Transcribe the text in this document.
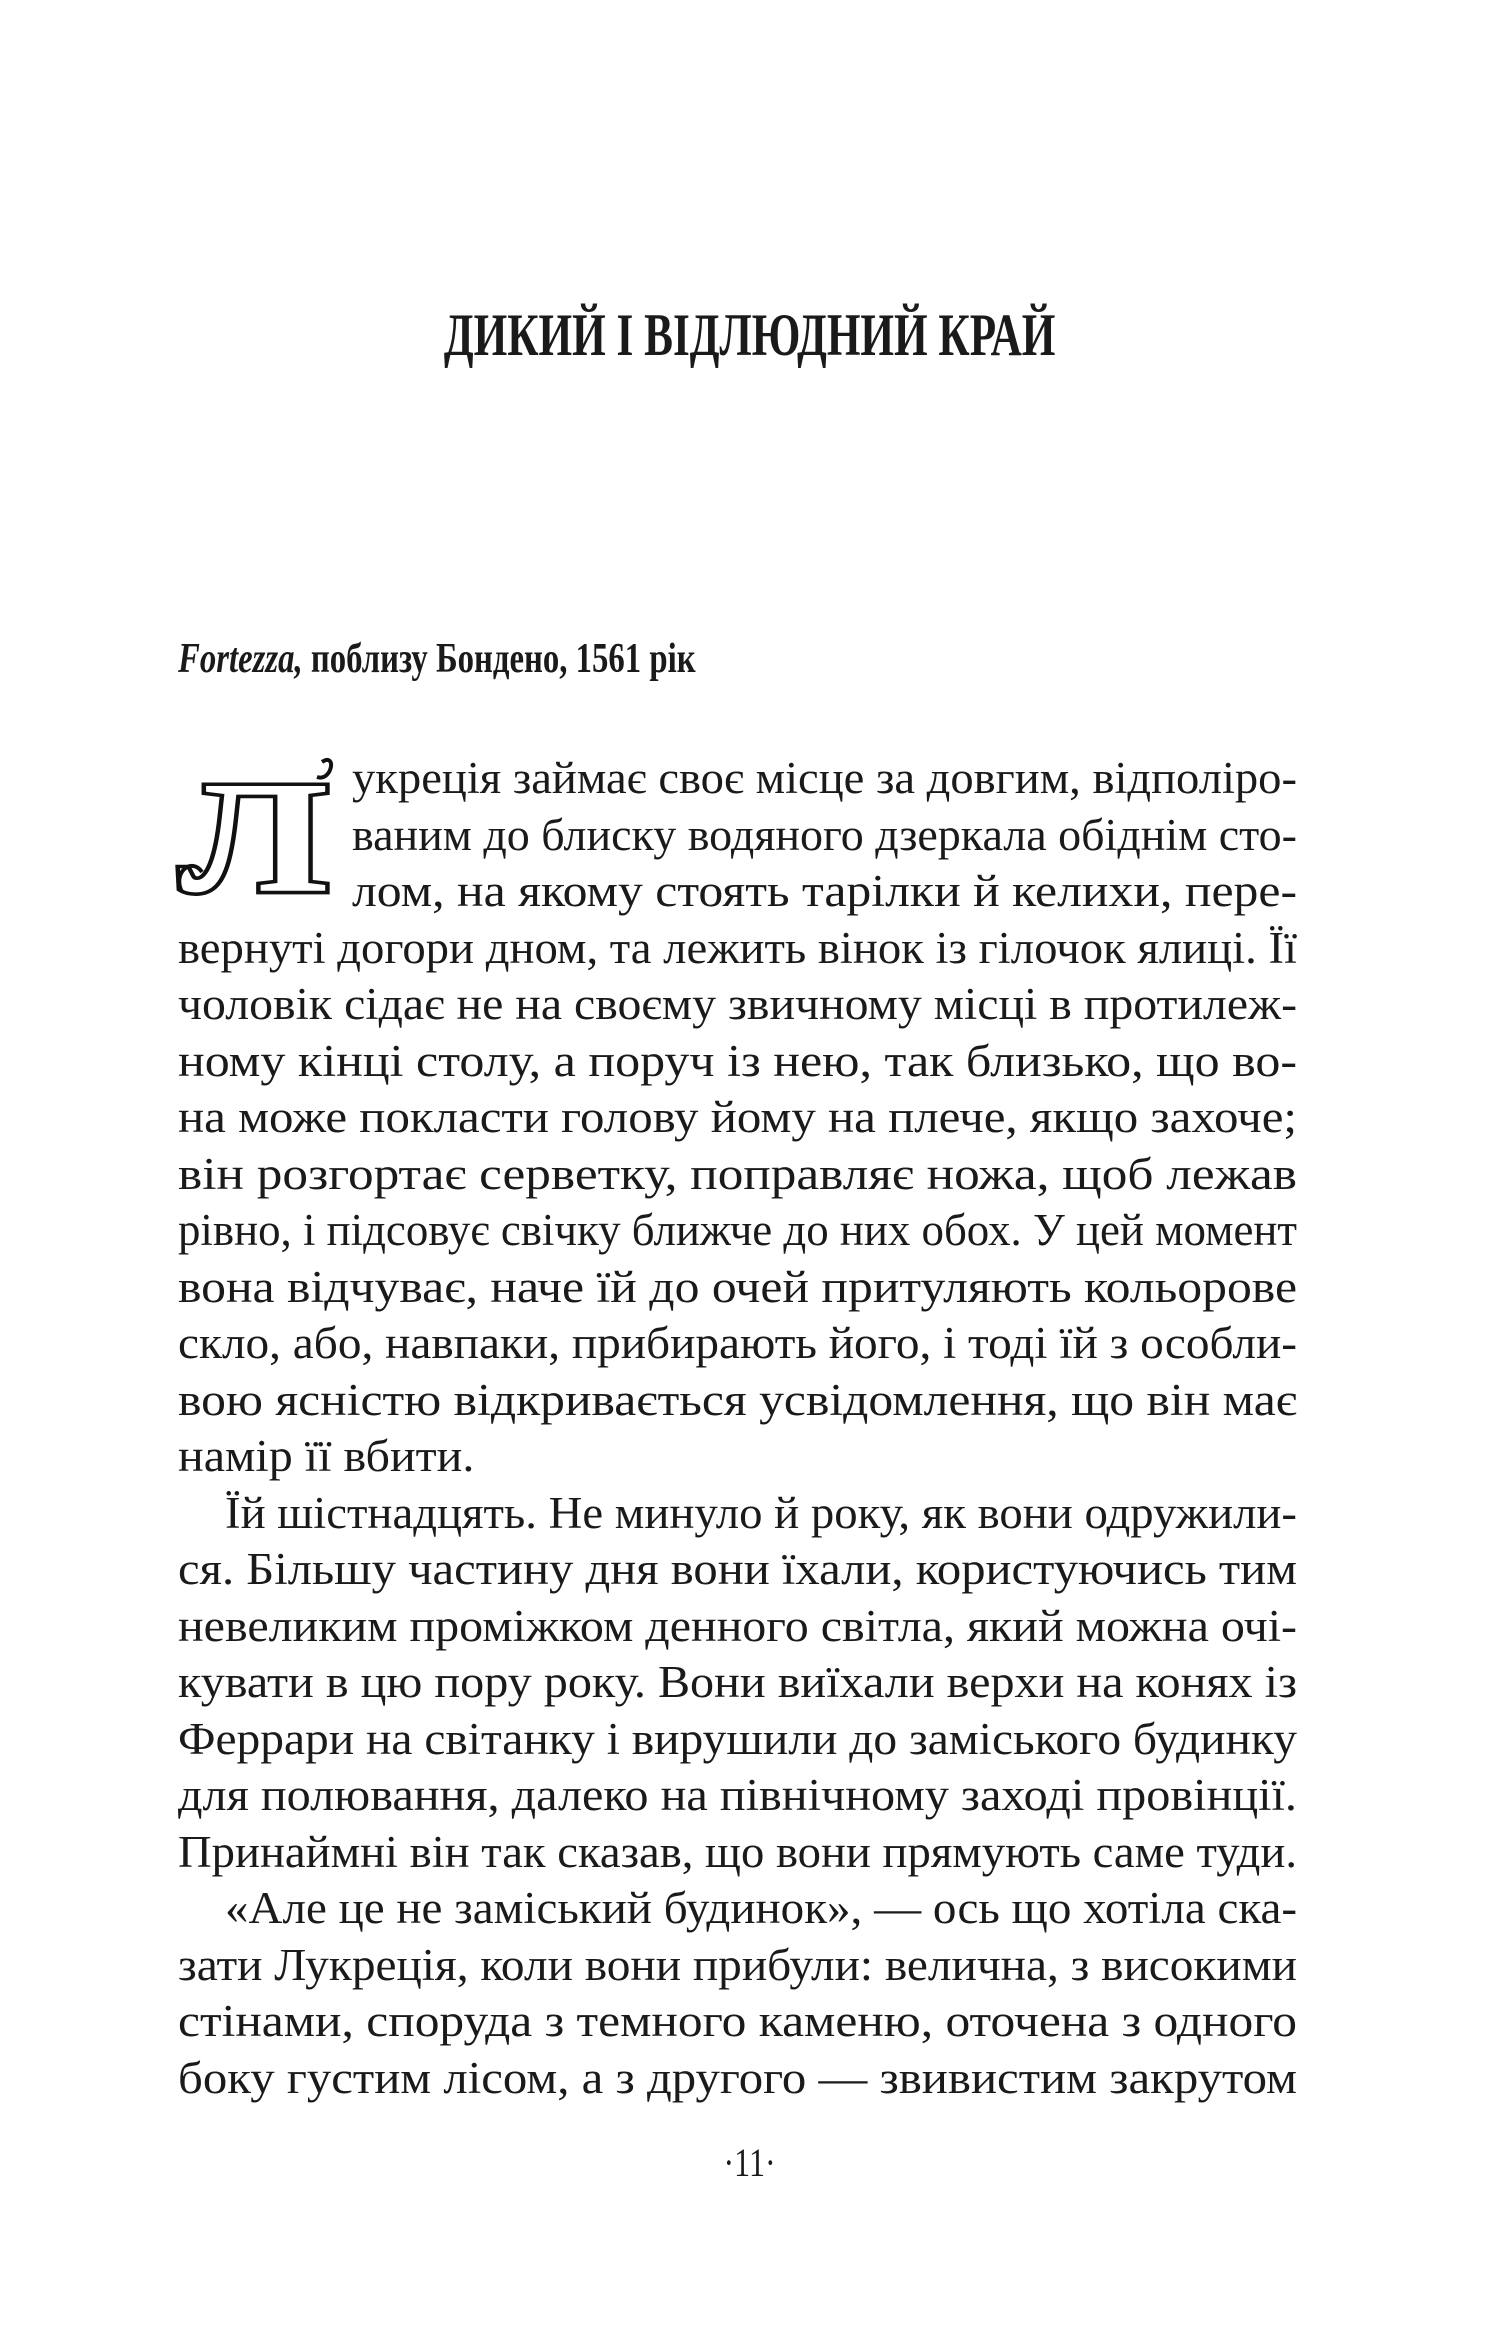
ДИКИЙ І ВІДЛЮДНИЙ КРАЙ
Fortezza, поблизу Бондено, 1561 рік
Л укреція займає своє місце за довгим, відполіро-
ваним до блиску водяного дзеркала обіднім сто-
лом, на якому стоять тарілки й келихи, пере-
вернуті догори дном, та лежить вінок із гілочок ялиці. Її
чоловік сідає не на своєму звичному місці в протилеж-
ному кінці столу, а поруч із нею, так близько, що во-
на може покласти голову йому на плече, якщо захоче;
він розгортає серветку, поправляє ножа, щоб лежав
рівно, і підсовує свічку ближче до них обох. У цей момент
вона відчуває, наче їй до очей притуляють кольорове
скло, або, навпаки, прибирають його, і тоді їй з особли-
вою ясністю відкривається усвідомлення, що він має
намір її вбити.
Їй шістнадцять. Не минуло й року, як вони одружили-
ся. Більшу частину дня вони їхали, користуючись тим
невеликим проміжком денного світла, який можна очі-
кувати в цю пору року. Вони виїхали верхи на конях із
Феррари на світанку і вирушили до заміського будинку
для полювання, далеко на північному заході провінції.
Принаймні він так сказав, що вони прямують саме туди.
«Але це не заміський будинок», — ось що хотіла ска-
зати Лукреція, коли вони прибули: велична, з високими
стінами, споруда з темного каменю, оточена з одного
боку густим лісом, а з другого — звивистим закрутом
·11·
